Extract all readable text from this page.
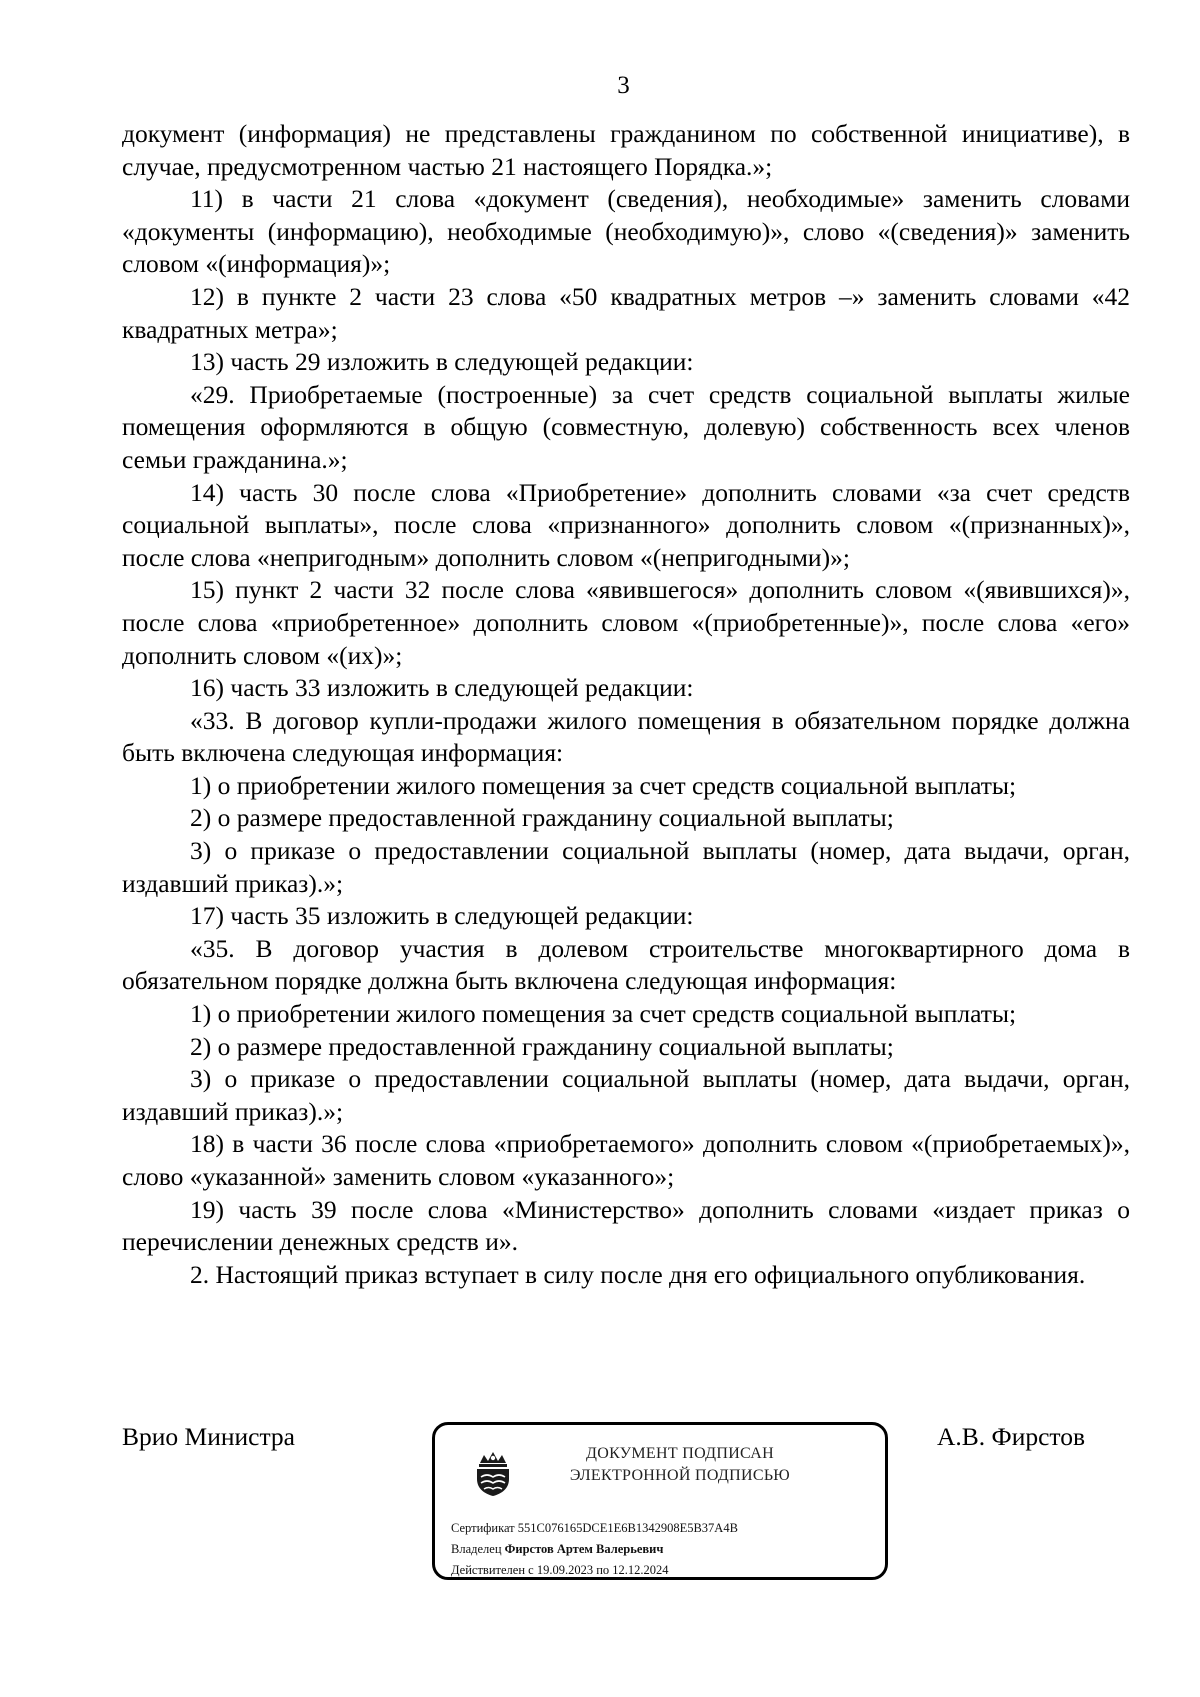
3

документ (информация) не представлены гражданином по собственной инициативе), в случае, предусмотренном частью 21 настоящего Порядка.»;

11) в части 21 слова «документ (сведения), необходимые» заменить словами «документы (информацию), необходимые (необходимую)», слово «(сведения)» заменить словом «(информация)»;

12) в пункте 2 части 23 слова «50 квадратных метров –» заменить словами «42 квадратных метра»;

13) часть 29 изложить в следующей редакции:

«29. Приобретаемые (построенные) за счет средств социальной выплаты жилые помещения оформляются в общую (совместную, долевую) собственность всех членов семьи гражданина.»;

14) часть 30 после слова «Приобретение» дополнить словами «за счет средств социальной выплаты», после слова «признанного» дополнить словом «(признанных)», после слова «непригодным» дополнить словом «(непригодными)»;

15) пункт 2 части 32 после слова «явившегося» дополнить словом «(явившихся)», после слова «приобретенное» дополнить словом «(приобретенные)», после слова «его» дополнить словом «(их)»;

16) часть 33 изложить в следующей редакции:

«33. В договор купли-продажи жилого помещения в обязательном порядке должна быть включена следующая информация:

1) о приобретении жилого помещения за счет средств социальной выплаты;

2) о размере предоставленной гражданину социальной выплаты;

3) о приказе о предоставлении социальной выплаты (номер, дата выдачи, орган, издавший приказ).»;

17) часть 35 изложить в следующей редакции:

«35. В договор участия в долевом строительстве многоквартирного дома в обязательном порядке должна быть включена следующая информация:

1) о приобретении жилого помещения за счет средств социальной выплаты;

2) о размере предоставленной гражданину социальной выплаты;

3) о приказе о предоставлении социальной выплаты (номер, дата выдачи, орган, издавший приказ).»;

18) в части 36 после слова «приобретаемого» дополнить словом «(приобретаемых)», слово «указанной» заменить словом «указанного»;

19) часть 39 после слова «Министерство» дополнить словами «издает приказ о перечислении денежных средств и».

2. Настоящий приказ вступает в силу после дня его официального опубликования.

Врио Министра
ДОКУМЕНТ ПОДПИСАН
ЭЛЕКТРОННОЙ ПОДПИСЬЮ
Сертификат 551C076165DCE1E6B1342908E5B37A4B
Владелец Фирстов Артем Валерьевич
Действителен с 19.09.2023 по 12.12.2024
А.В. Фирстов
